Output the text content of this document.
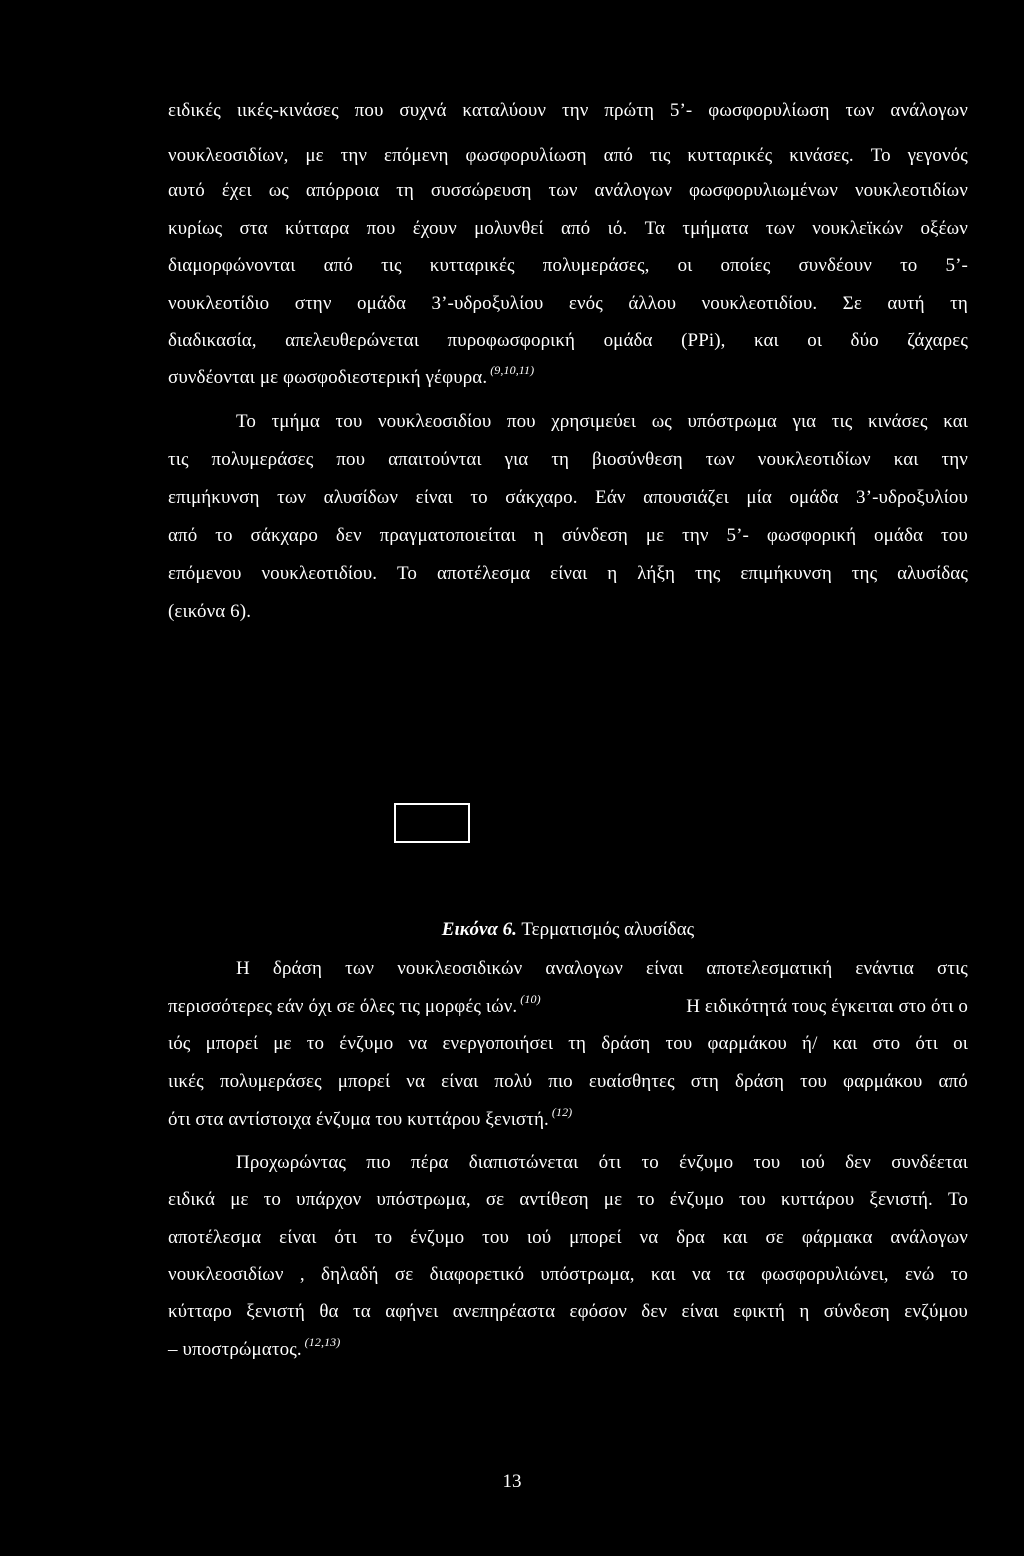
ειδικές ιικές-κινάσες που συχνά καταλύουν την πρώτη 5’- φωσφορυλίωση των ανάλογων
νουκλεοσιδίων, με την επόμενη φωσφορυλίωση από τις κυτταρικές κινάσες. Το γεγονός
αυτό έχει ως απόρροια τη συσσώρευση των ανάλογων φωσφορυλιωμένων νουκλεοτιδίων
κυρίως στα κύτταρα που έχουν μολυνθεί από ιό. Τα τμήματα των νουκλεϊκών οξέων
διαμορφώνονται από τις κυτταρικές πολυμεράσες, οι οποίες συνδέουν το 5’-
νουκλεοτίδιο στην ομάδα 3’-υδροξυλίου ενός άλλου νουκλεοτιδίου. Σε αυτή τη
διαδικασία, απελευθερώνεται πυροφωσφορική ομάδα (PPi), και οι δύο ζάχαρες
συνδέονται με φωσφοδιεστερική γέφυρα. $^{(9,10,11)}$
Το τμήμα του νουκλεοσιδίου που χρησιμεύει ως υπόστρωμα για τις κινάσες και
τις πολυμεράσες που απαιτούνται για τη βιοσύνθεση των νουκλεοτιδίων και την
επιμήκυνση των αλυσίδων είναι το σάκχαρο. Εάν απουσιάζει μία ομάδα 3’-υδροξυλίου
από το σάκχαρο δεν πραγματοποιείται η σύνδεση με την 5’- φωσφορική ομάδα του
επόμενου νουκλεοτιδίου. Το αποτέλεσμα είναι η λήξη της επιμήκυνση της αλυσίδας
(εικόνα 6).
Εικόνα 6. Τερματισμός αλυσίδας
Η δράση των νουκλεοσιδικών αναλογων είναι αποτελεσματική ενάντια στις
περισσότερες εάν όχι σε όλες τις μορφές ιών. $^{(10)}$	Η ειδικότητά τους έγκειται στο ότι ο
ιός μπορεί με το ένζυμο να ενεργοποιήσει τη δράση του φαρμάκου ή/ και στο ότι οι
ιικές πολυμεράσες μπορεί να είναι πολύ πιο ευαίσθητες στη δράση του φαρμάκου από
ότι στα αντίστοιχα ένζυμα του κυττάρου ξενιστή. $^{(12)}$
Προχωρώντας πιο πέρα διαπιστώνεται ότι το ένζυμο του ιού δεν συνδέεται
ειδικά με το υπάρχον υπόστρωμα, σε αντίθεση με το ένζυμο του κυττάρου ξενιστή. Το
αποτέλεσμα είναι ότι το ένζυμο του ιού μπορεί να δρα και σε φάρμακα ανάλογων
νουκλεοσιδίων , δηλαδή σε διαφορετικό υπόστρωμα, και να τα φωσφορυλιώνει, ενώ το
κύτταρο ξενιστή θα τα αφήνει ανεπηρέαστα εφόσον δεν είναι εφικτή η σύνδεση ενζύμου
– υποστρώματος. $^{(12,13)}$
13
